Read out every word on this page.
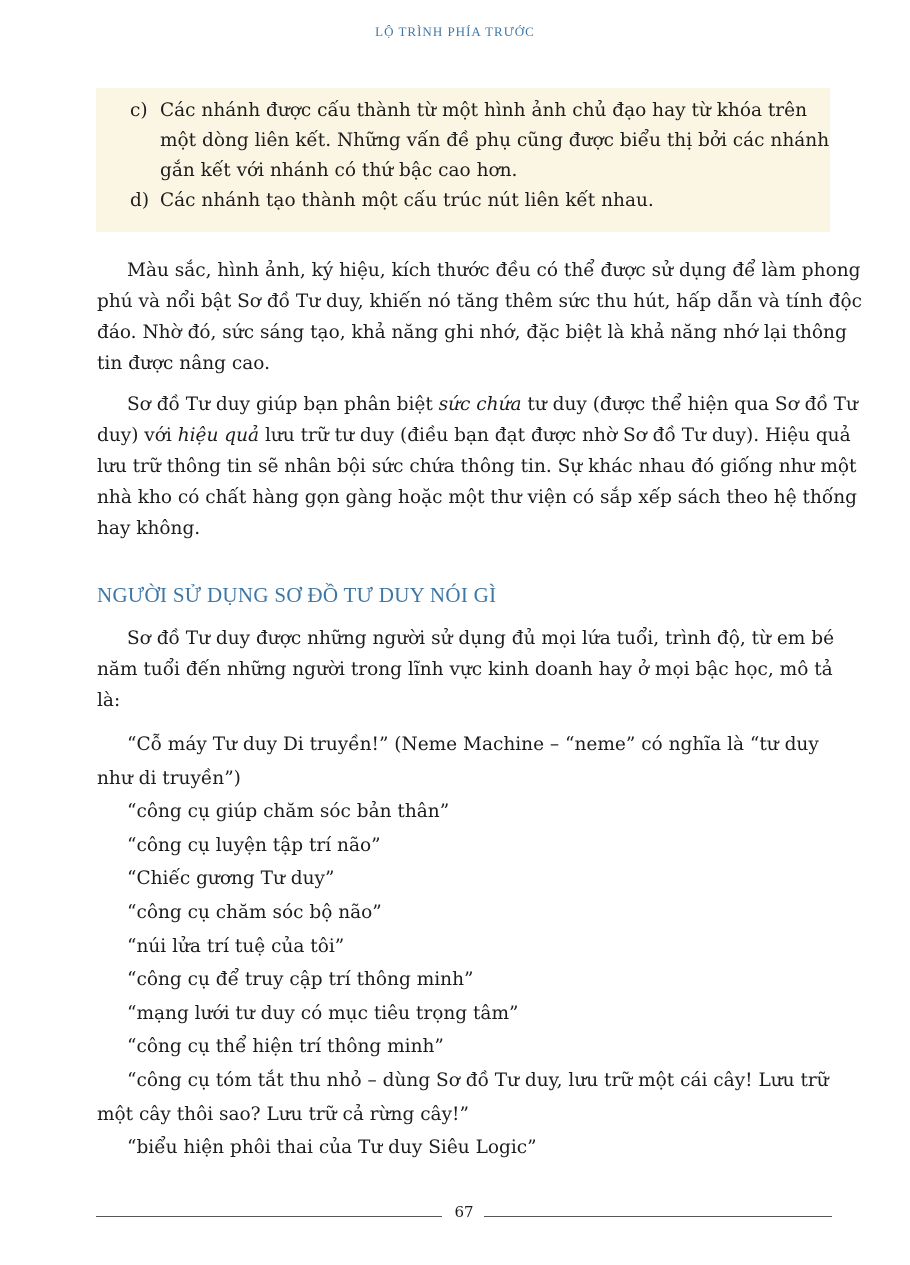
LỘ TRÌNH PHÍA TRƯỚC
c) Các nhánh được cấu thành từ một hình ảnh chủ đạo hay từ khóa trên
một dòng liên kết. Những vấn đề phụ cũng được biểu thị bởi các nhánh
gắn kết với nhánh có thứ bậc cao hơn.
d) Các nhánh tạo thành một cấu trúc nút liên kết nhau.
Màu sắc, hình ảnh, ký hiệu, kích thước đều có thể được sử dụng để làm phong
phú và nổi bật Sơ đồ Tư duy, khiến nó tăng thêm sức thu hút, hấp dẫn và tính độc
đáo. Nhờ đó, sức sáng tạo, khả năng ghi nhớ, đặc biệt là khả năng nhớ lại thông
tin được nâng cao.
Sơ đồ Tư duy giúp bạn phân biệt sức chứa tư duy (được thể hiện qua Sơ đồ Tư
duy) với hiệu quả lưu trữ tư duy (điều bạn đạt được nhờ Sơ đồ Tư duy). Hiệu quả
lưu trữ thông tin sẽ nhân bội sức chứa thông tin. Sự khác nhau đó giống như một
nhà kho có chất hàng gọn gàng hoặc một thư viện có sắp xếp sách theo hệ thống
hay không.
NGƯỜI SỬ DỤNG SƠ ĐỒ TƯ DUY NÓI GÌ
Sơ đồ Tư duy được những người sử dụng đủ mọi lứa tuổi, trình độ, từ em bé
năm tuổi đến những người trong lĩnh vực kinh doanh hay ở mọi bậc học, mô tả
là:
“Cỗ máy Tư duy Di truyền!” (Neme Machine – “neme” có nghĩa là “tư duy
như di truyền”)
“công cụ giúp chăm sóc bản thân”
“công cụ luyện tập trí não”
“Chiếc gương Tư duy”
“công cụ chăm sóc bộ não”
“núi lửa trí tuệ của tôi”
“công cụ để truy cập trí thông minh”
“mạng lưới tư duy có mục tiêu trọng tâm”
“công cụ thể hiện trí thông minh”
“công cụ tóm tắt thu nhỏ – dùng Sơ đồ Tư duy, lưu trữ một cái cây! Lưu trữ
một cây thôi sao? Lưu trữ cả rừng cây!”
“biểu hiện phôi thai của Tư duy Siêu Logic”
67
